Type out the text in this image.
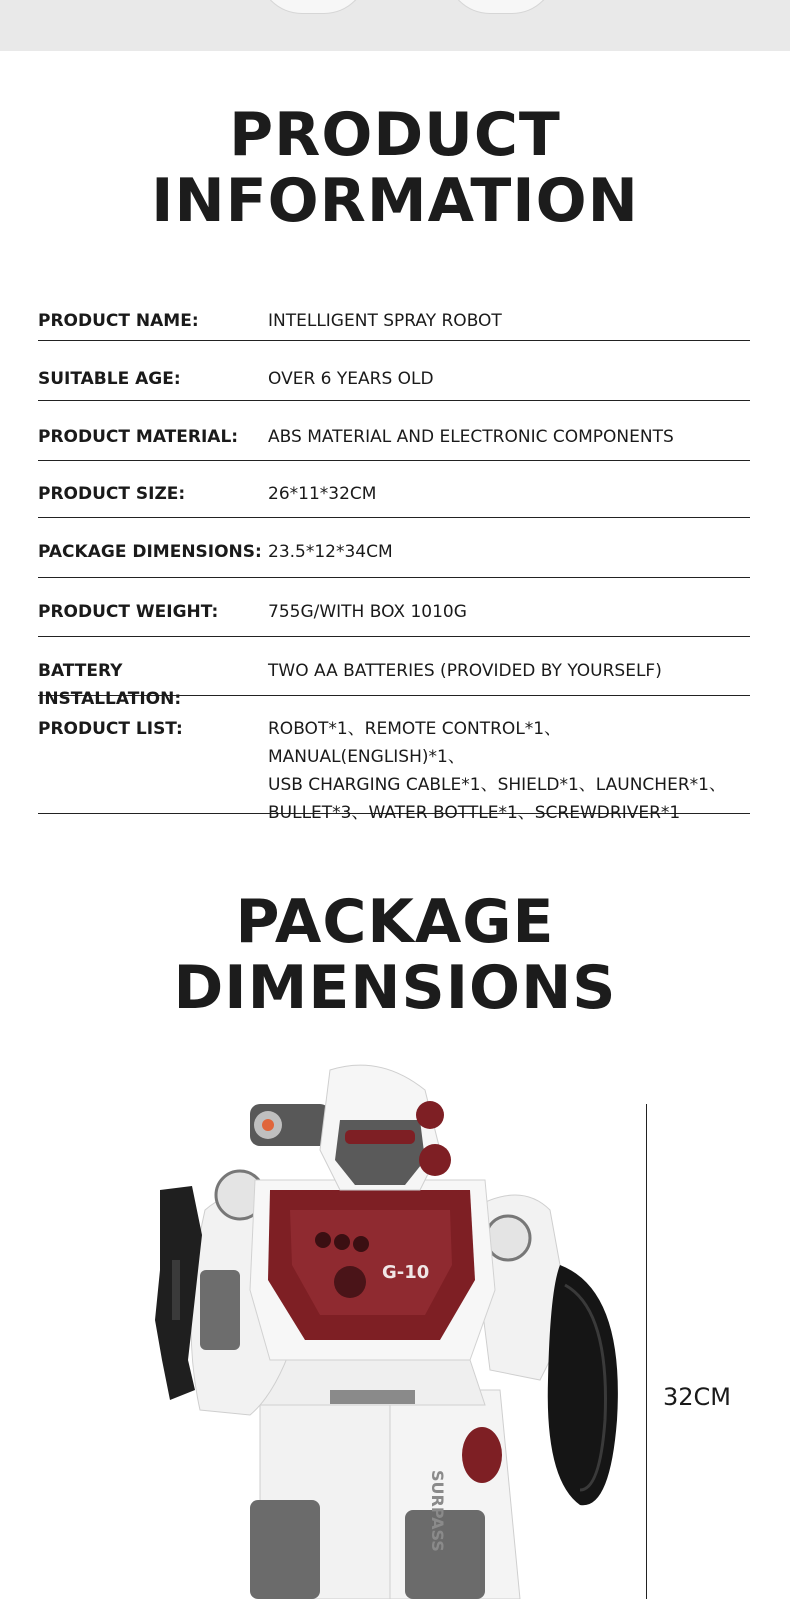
PRODUCT
INFORMATION
PRODUCT NAME:	INTELLIGENT SPRAY ROBOT
SUITABLE AGE:	OVER 6 YEARS OLD
PRODUCT MATERIAL:	ABS MATERIAL AND ELECTRONIC COMPONENTS
PRODUCT SIZE:	26*11*32CM
PACKAGE DIMENSIONS: 23.5*12*34CM
PRODUCT WEIGHT:	755G/WITH BOX 1010G
BATTERY INSTALLATION:
TWO AA BATTERIES (PROVIDED BY YOURSELF)
PRODUCT LIST:	ROBOT*1、REMOTE CONTROL*1、MANUAL(ENGLISH)*1、
USB CHARGING CABLE*1、SHIELD*1、LAUNCHER*1、
BULLET*3、WATER BOTTLE*1、SCREWDRIVER*1
PACKAGE
DIMENSIONS
G-10
SURPASS
32CM
